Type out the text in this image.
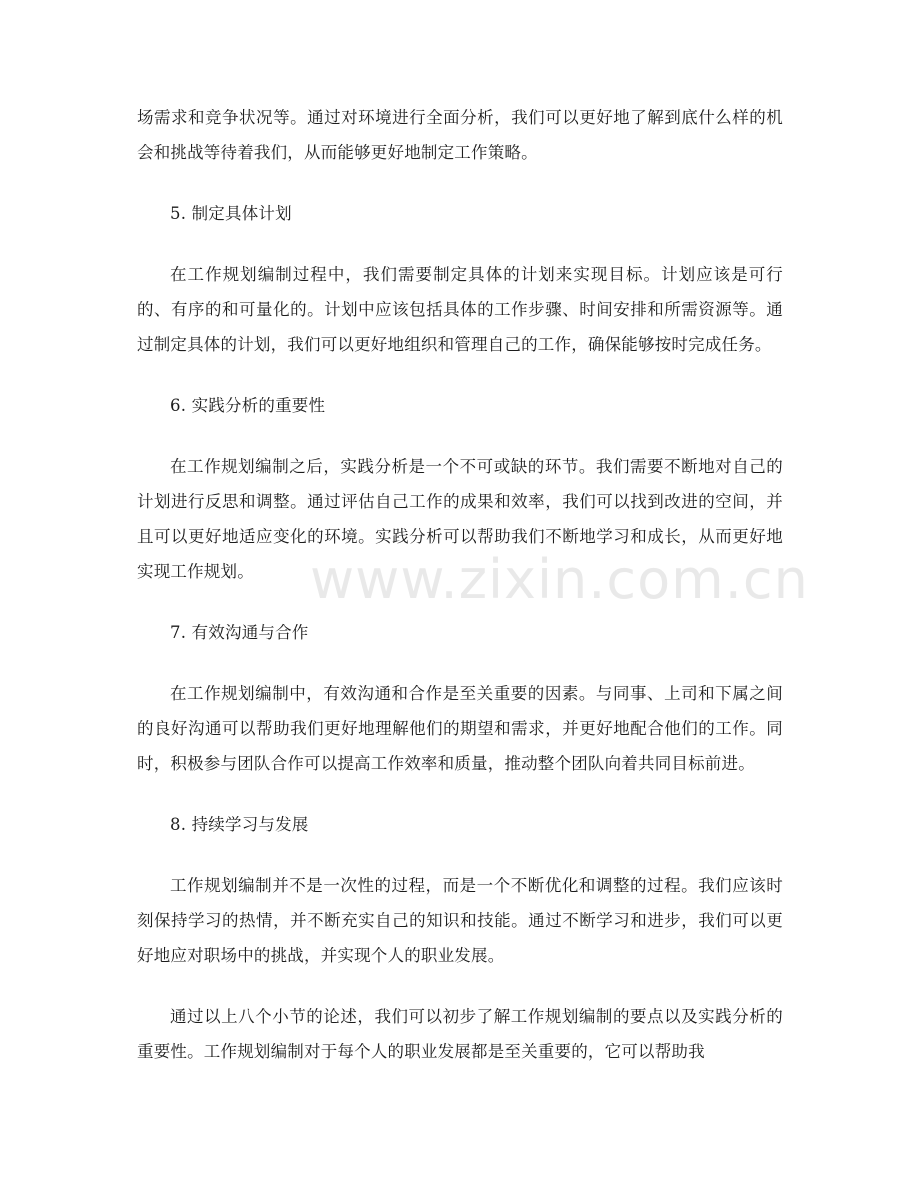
场需求和竞争状况等。通过对环境进行全面分析，我们可以更好地了解到底什么样的机会和挑战等待着我们，从而能够更好地制定工作策略。

5. 制定具体计划

在工作规划编制过程中，我们需要制定具体的计划来实现目标。计划应该是可行的、有序的和可量化的。计划中应该包括具体的工作步骤、时间安排和所需资源等。通过制定具体的计划，我们可以更好地组织和管理自己的工作，确保能够按时完成任务。

6. 实践分析的重要性

在工作规划编制之后，实践分析是一个不可或缺的环节。我们需要不断地对自己的计划进行反思和调整。通过评估自己工作的成果和效率，我们可以找到改进的空间，并且可以更好地适应变化的环境。实践分析可以帮助我们不断地学习和成长，从而更好地实现工作规划。

7. 有效沟通与合作

在工作规划编制中，有效沟通和合作是至关重要的因素。与同事、上司和下属之间的良好沟通可以帮助我们更好地理解他们的期望和需求，并更好地配合他们的工作。同时，积极参与团队合作可以提高工作效率和质量，推动整个团队向着共同目标前进。

8. 持续学习与发展

工作规划编制并不是一次性的过程，而是一个不断优化和调整的过程。我们应该时刻保持学习的热情，并不断充实自己的知识和技能。通过不断学习和进步，我们可以更好地应对职场中的挑战，并实现个人的职业发展。

通过以上八个小节的论述，我们可以初步了解工作规划编制的要点以及实践分析的重要性。工作规划编制对于每个人的职业发展都是至关重要的，它可以帮助我

www.zixin.com.cn
